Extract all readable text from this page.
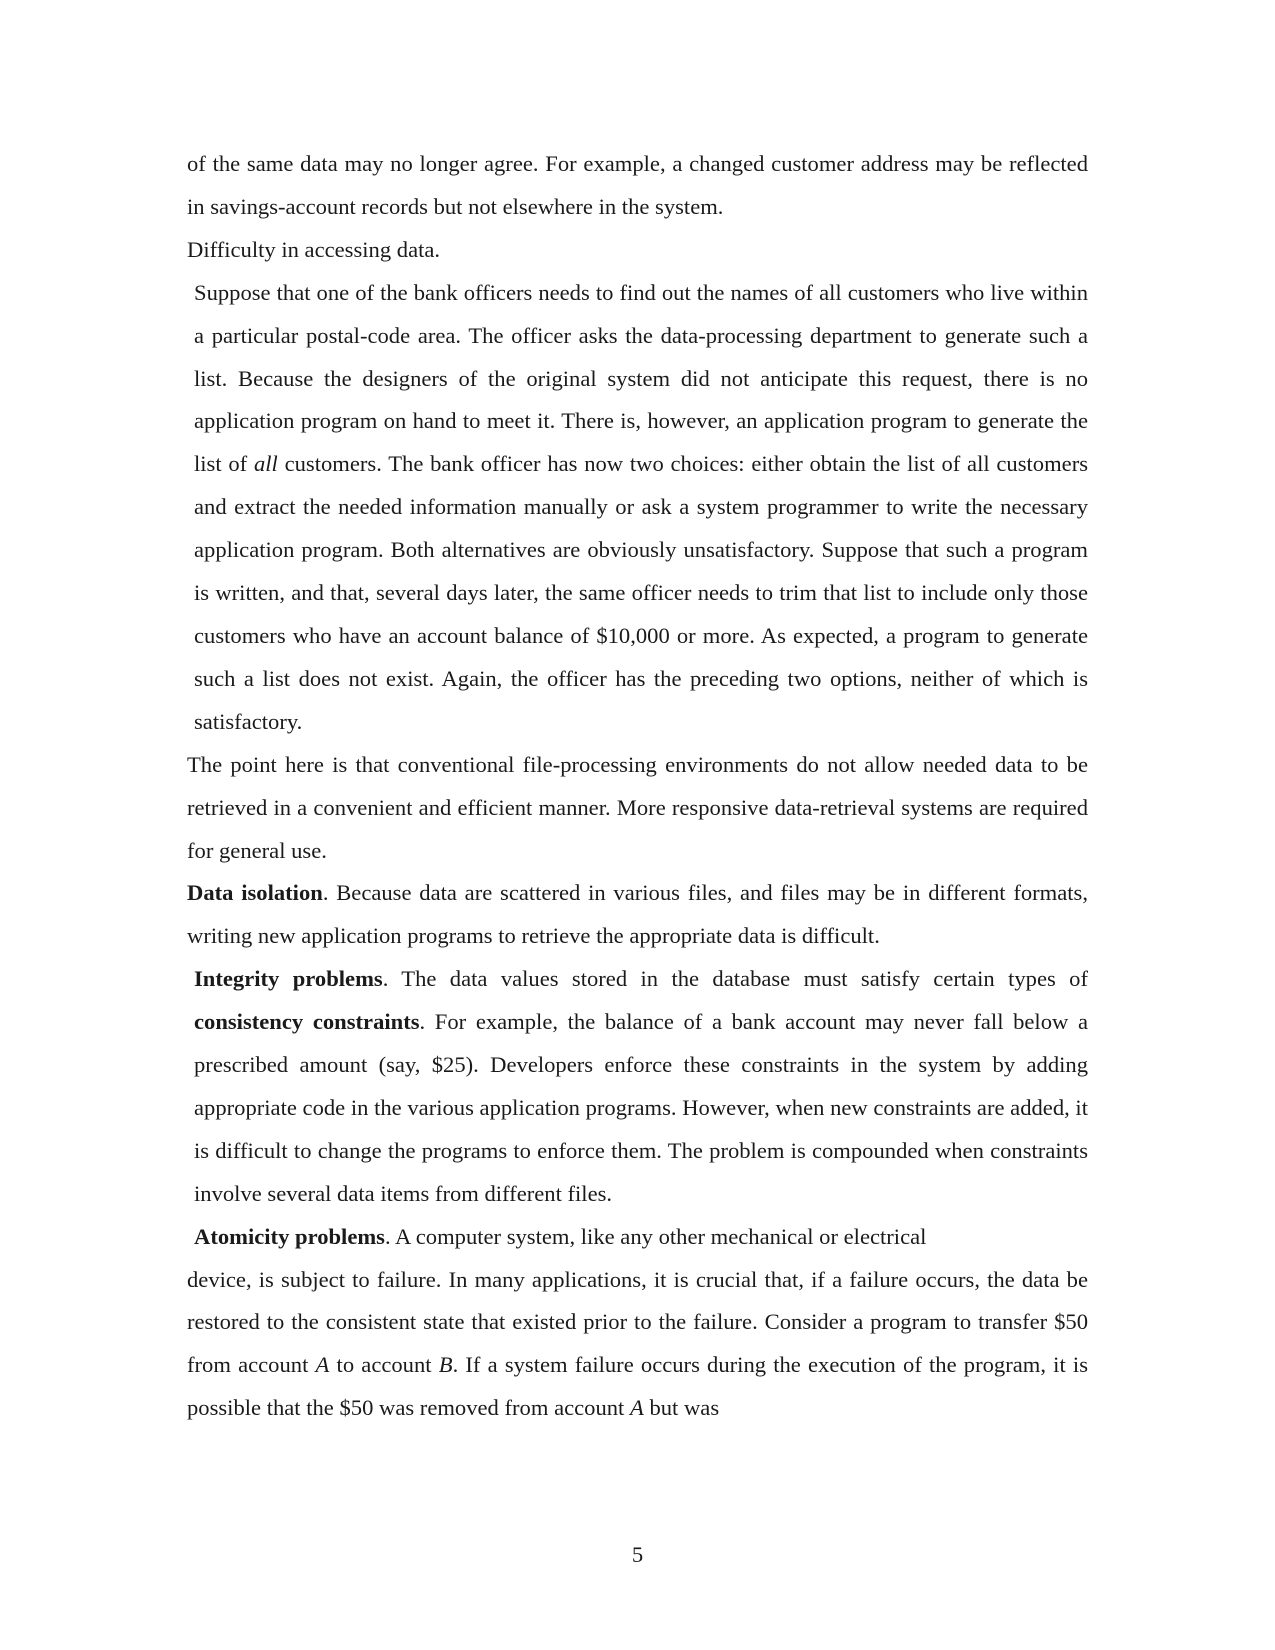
of the same data may no longer agree. For example, a changed customer address may be reflected in savings-account records but not elsewhere in the system.

Difficulty in accessing data.

Suppose that one of the bank officers needs to find out the names of all customers who live within a particular postal-code area. The officer asks the data-processing department to generate such a list. Because the designers of the original system did not anticipate this request, there is no application program on hand to meet it. There is, however, an application program to generate the list of all customers. The bank officer has now two choices: either obtain the list of all customers and extract the needed information manually or ask a system programmer to write the necessary application program. Both alternatives are obviously unsatisfactory. Suppose that such a program is written, and that, several days later, the same officer needs to trim that list to include only those customers who have an account balance of $10,000 or more. As expected, a program to generate such a list does not exist. Again, the officer has the preceding two options, neither of which is satisfactory.

The point here is that conventional file-processing environments do not allow needed data to be retrieved in a convenient and efficient manner. More responsive data-retrieval systems are required for general use.

Data isolation. Because data are scattered in various files, and files may be in different formats, writing new application programs to retrieve the appropriate data is difficult.

Integrity problems. The data values stored in the database must satisfy certain types of consistency constraints. For example, the balance of a bank account may never fall below a prescribed amount (say, $25). Developers enforce these constraints in the system by adding appropriate code in the various application programs. However, when new constraints are added, it is difficult to change the programs to enforce them. The problem is compounded when constraints involve several data items from different files.

Atomicity problems. A computer system, like any other mechanical or electrical

device, is subject to failure. In many applications, it is crucial that, if a failure occurs, the data be restored to the consistent state that existed prior to the failure. Consider a program to transfer $50 from account A to account B. If a system failure occurs during the execution of the program, it is possible that the $50 was removed from account A but was

5
